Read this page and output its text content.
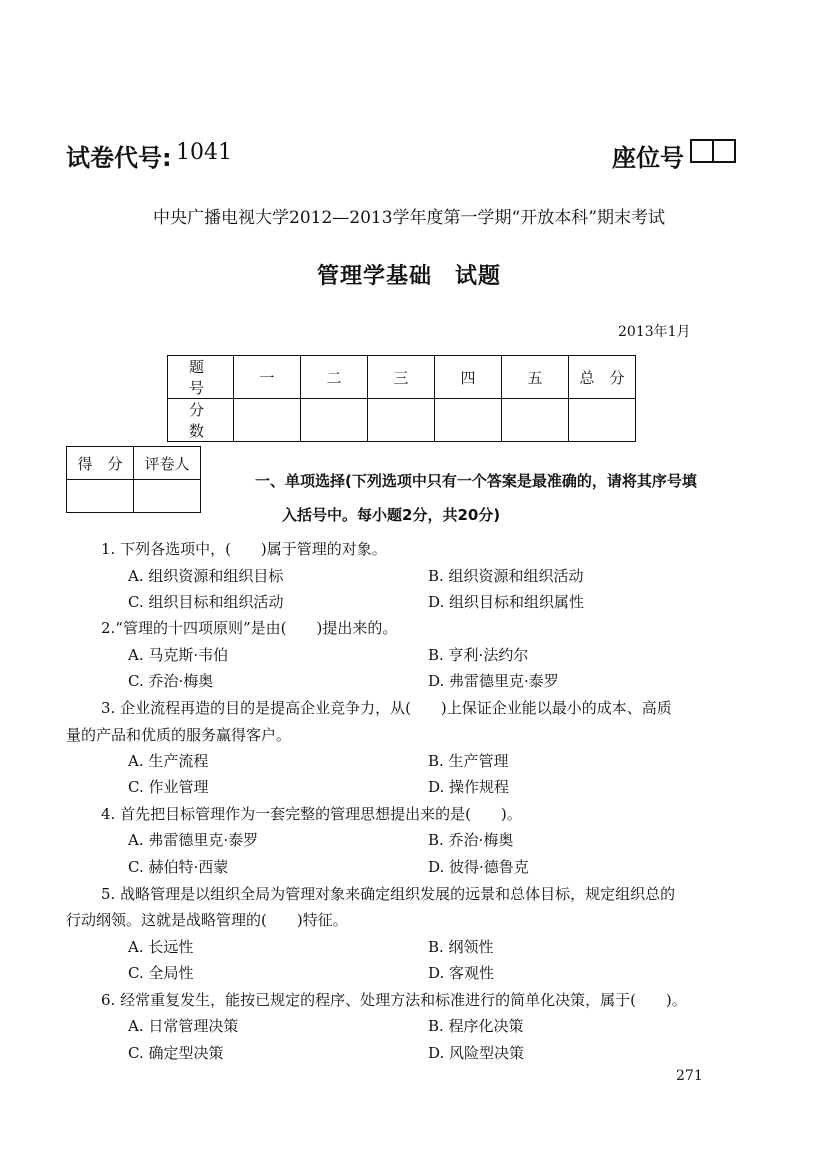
试卷代号: 1041	座位号
中央广播电视大学2012—2013学年度第一学期“开放本科”期末考试
管理学基础　试题
2013年1月
题　号	一	二	三	四	五	总　分
分　数						
得　分	评卷人

一、单项选择(下列选项中只有一个答案是最准确的，请将其序号填
入括号中。每小题2分，共20分)
1. 下列各选项中，(　　)属于管理的对象。
A. 组织资源和组织目标	B. 组织资源和组织活动
C. 组织目标和组织活动	D. 组织目标和组织属性
2.“管理的十四项原则”是由(　　)提出来的。
A. 马克斯·韦伯	B. 亨利·法约尔
C. 乔治·梅奥	D. 弗雷德里克·泰罗
3. 企业流程再造的目的是提高企业竞争力，从(　　)上保证企业能以最小的成本、高质
量的产品和优质的服务赢得客户。
A. 生产流程	B. 生产管理
C. 作业管理	D. 操作规程
4. 首先把目标管理作为一套完整的管理思想提出来的是(　　)。
A. 弗雷德里克·泰罗	B. 乔治·梅奥
C. 赫伯特·西蒙	D. 彼得·德鲁克
5. 战略管理是以组织全局为管理对象来确定组织发展的远景和总体目标，规定组织总的
行动纲领。这就是战略管理的(　　)特征。
A. 长远性	B. 纲领性
C. 全局性	D. 客观性
6. 经常重复发生，能按已规定的程序、处理方法和标准进行的简单化决策，属于(　　)。
A. 日常管理决策	B. 程序化决策
C. 确定型决策	D. 风险型决策
271
